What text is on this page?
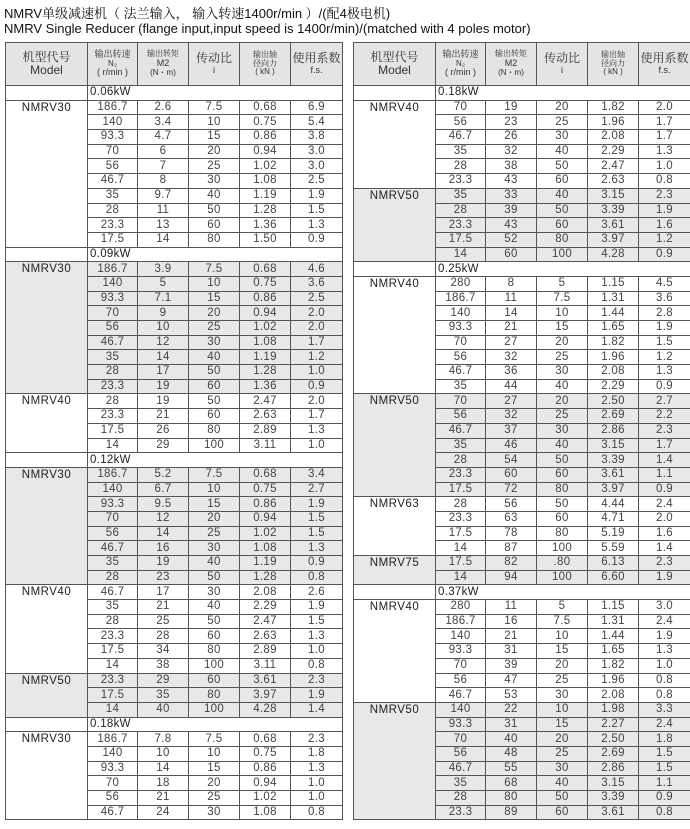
NMRV单级减速机（ 法兰输入， 输入转速1400r/min ）/(配4极电机)
NMRV Single Reducer (flange input,input speed is 1400r/min)/(matched with 4 poles motor)
机型代号
Model	输出转速
N₂
( r/min )	输出转矩
M2
(N・m)	传动比
i	输出轴
径向力
( kN )	使用系数
f.s.

	0.06kW				
NMRV30	186.7	2.6	7.5	0.68	6.9
	140	3.4	10	0.75	5.4
	93.3	4.7	15	0.86	3.8
	70	6	20	0.94	3.0
	56	7	25	1.02	3.0
	46.7	8	30	1.08	2.5
	35	9.7	40	1.19	1.9
	28	11	50	1.28	1.5
	23.3	13	60	1.36	1.3
	17.5	14	80	1.50	0.9
	0.09kW				
NMRV30	186.7	3.9	7.5	0.68	4.6
	140	5	10	0.75	3.6
	93.3	7.1	15	0.86	2.5
	70	9	20	0.94	2.0
	56	10	25	1.02	2.0
	46.7	12	30	1.08	1.7
	35	14	40	1.19	1.2
	28	17	50	1.28	1.0
	23.3	19	60	1.36	0.9
NMRV40	28	19	50	2.47	2.0
	23.3	21	60	2.63	1.7
	17.5	26	80	2.89	1.3
	14	29	100	3.11	1.0
	0.12kW				
NMRV30	186.7	5.2	7.5	0.68	3.4
	140	6.7	10	0.75	2.7
	93.3	9.5	15	0.86	1.9
	70	12	20	0.94	1.5
	56	14	25	1.02	1.5
	46.7	16	30	1.08	1.3
	35	19	40	1.19	0.9
	28	23	50	1.28	0.8
NMRV40	46.7	17	30	2.08	2.6
	35	21	40	2.29	1.9
	28	25	50	2.47	1.5
	23.3	28	60	2.63	1.3
	17.5	34	80	2.89	1.0
	14	38	100	3.11	0.8
NMRV50	23.3	29	60	3.61	2.3
	17.5	35	80	3.97	1.9
	14	40	100	4.28	1.4
	0.18kW				
NMRV30	186.7	7.8	7.5	0.68	2.3
	140	10	10	0.75	1.8
	93.3	14	15	0.86	1.3
	70	18	20	0.94	1.0
	56	21	25	1.02	1.0
	46.7	24	30	1.08	0.8
机型代号
Model	输出转速
N₂
( r/min )	输出转矩
M2
(N・m)	传动比
i	输出轴
径向力
( kN )	使用系数
f.s.

	0.18kW				
NMRV40	70	19	20	1.82	2.0
	56	23	25	1.96	1.7
	46.7	26	30	2.08	1.7
	35	32	40	2.29	1.3
	28	38	50	2.47	1.0
	23.3	43	60	2.63	0.8
NMRV50	35	33	40	3.15	2.3
	28	39	50	3.39	1.9
	23.3	43	60	3.61	1.6
	17.5	52	80	3.97	1.2
	14	60	100	4.28	0.9
	0.25kW				
NMRV40	280	8	5	1.15	4.5
	186.7	11	7.5	1.31	3.6
	140	14	10	1.44	2.8
	93.3	21	15	1.65	1.9
	70	27	20	1.82	1.5
	56	32	25	1.96	1.2
	46.7	36	30	2.08	1.3
	35	44	40	2.29	0.9
NMRV50	70	27	20	2.50	2.7
	56	32	25	2.69	2.2
	46.7	37	30	2.86	2.3
	35	46	40	3.15	1.7
	28	54	50	3.39	1.4
	23.3	60	60	3.61	1.1
	17.5	72	80	3.97	0.9
NMRV63	28	56	50	4.44	2.4
	23.3	63	60	4.71	2.0
	17.5	78	80	5.19	1.6
	14	87	100	5.59	1.4
NMRV75	17.5	82	.80	6.13	2.3
	14	94	100	6.60	1.9
	0.37kW				
NMRV40	280	11	5	1.15	3.0
	186.7	16	7.5	1.31	2.4
	140	21	10	1.44	1.9
	93.3	31	15	1.65	1.3
	70	39	20	1.82	1.0
	56	47	25	1.96	0.8
	46.7	53	30	2.08	0.8
NMRV50	140	22	10	1.98	3.3
	93.3	31	15	2.27	2.4
	70	40	20	2.50	1.8
	56	48	25	2.69	1.5
	46.7	55	30	2.86	1.5
	35	68	40	3.15	1.1
	28	80	50	3.39	0.9
	23.3	89	60	3.61	0.8
